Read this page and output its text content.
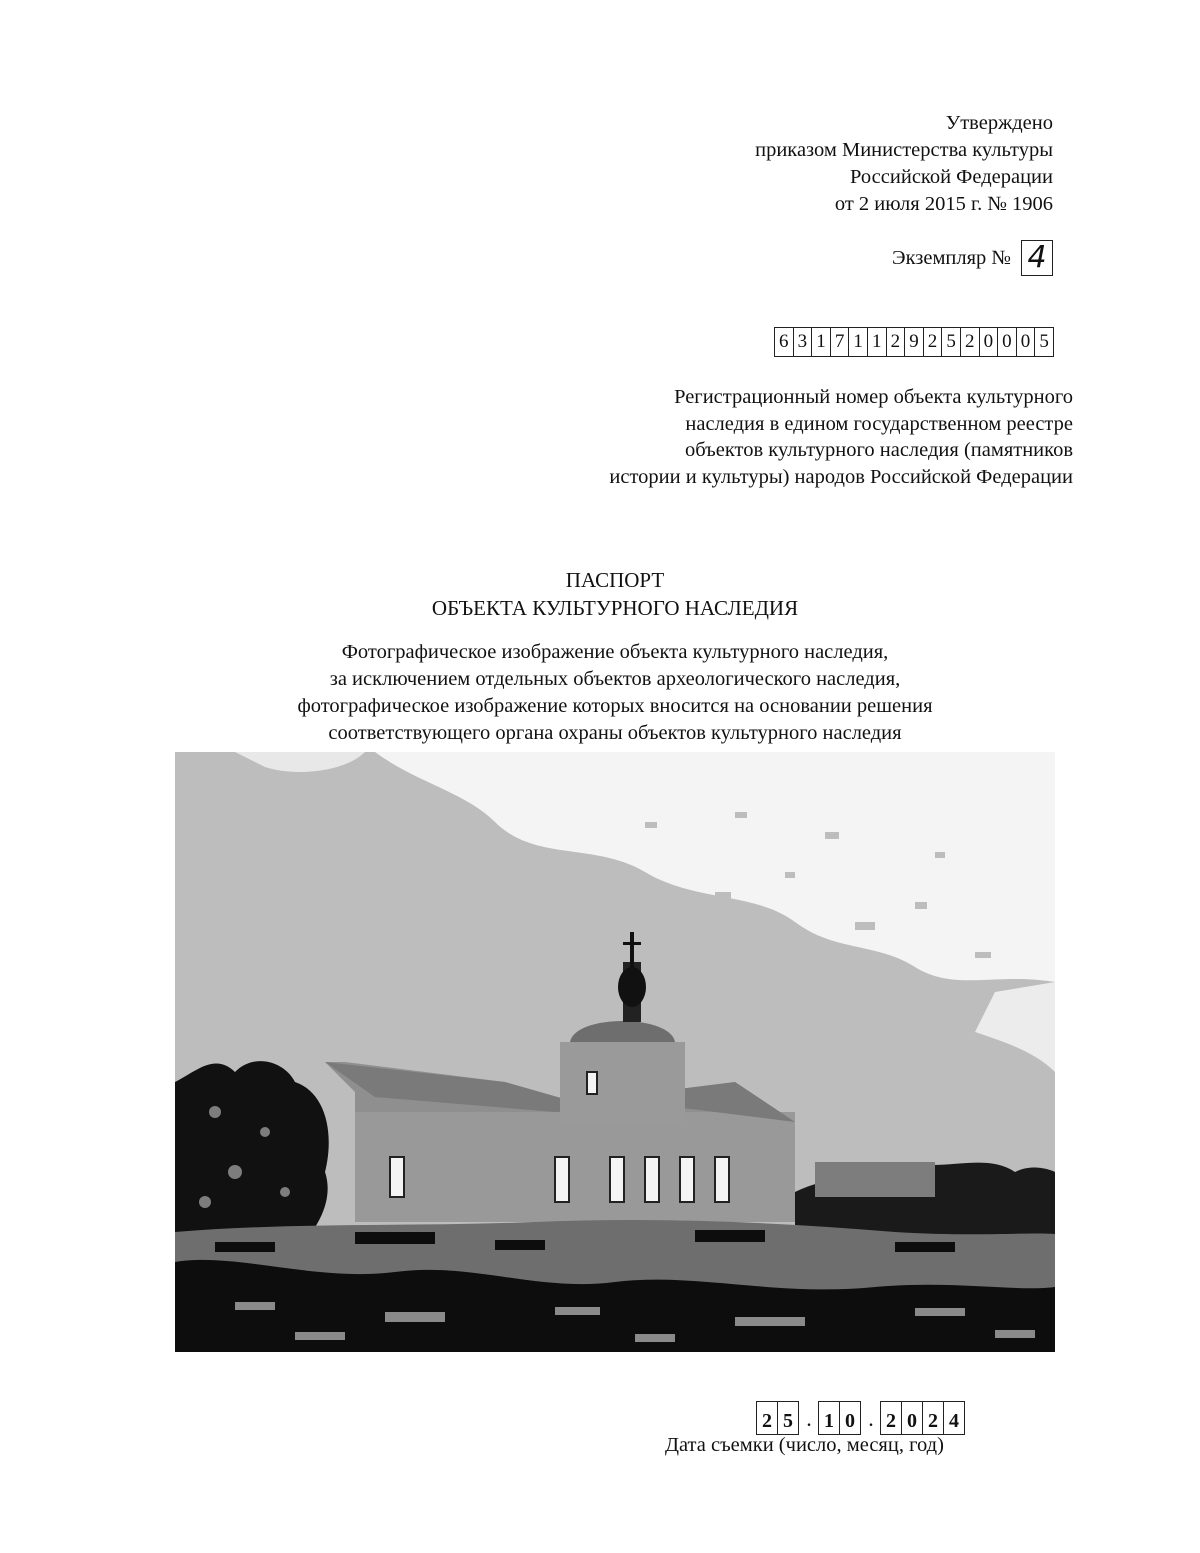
Утверждено
приказом Министерства культуры
Российской Федерации
от 2 июля 2015 г. № 1906
Экземпляр № 4
6 3 1 7 1 1 2 9 2 5 2 0 0 0 5
Регистрационный номер объекта культурного
наследия в едином государственном реестре
объектов культурного наследия (памятников
истории и культуры) народов Российской Федерации
ПАСПОРТ
ОБЪЕКТА КУЛЬТУРНОГО НАСЛЕДИЯ
Фотографическое изображение объекта культурного наследия,
за исключением отдельных объектов археологического наследия,
фотографическое изображение которых вносится на основании решения
соответствующего органа охраны объектов культурного наследия
2 5 . 1 0 . 2 0 2 4
Дата съемки (число, месяц, год)
